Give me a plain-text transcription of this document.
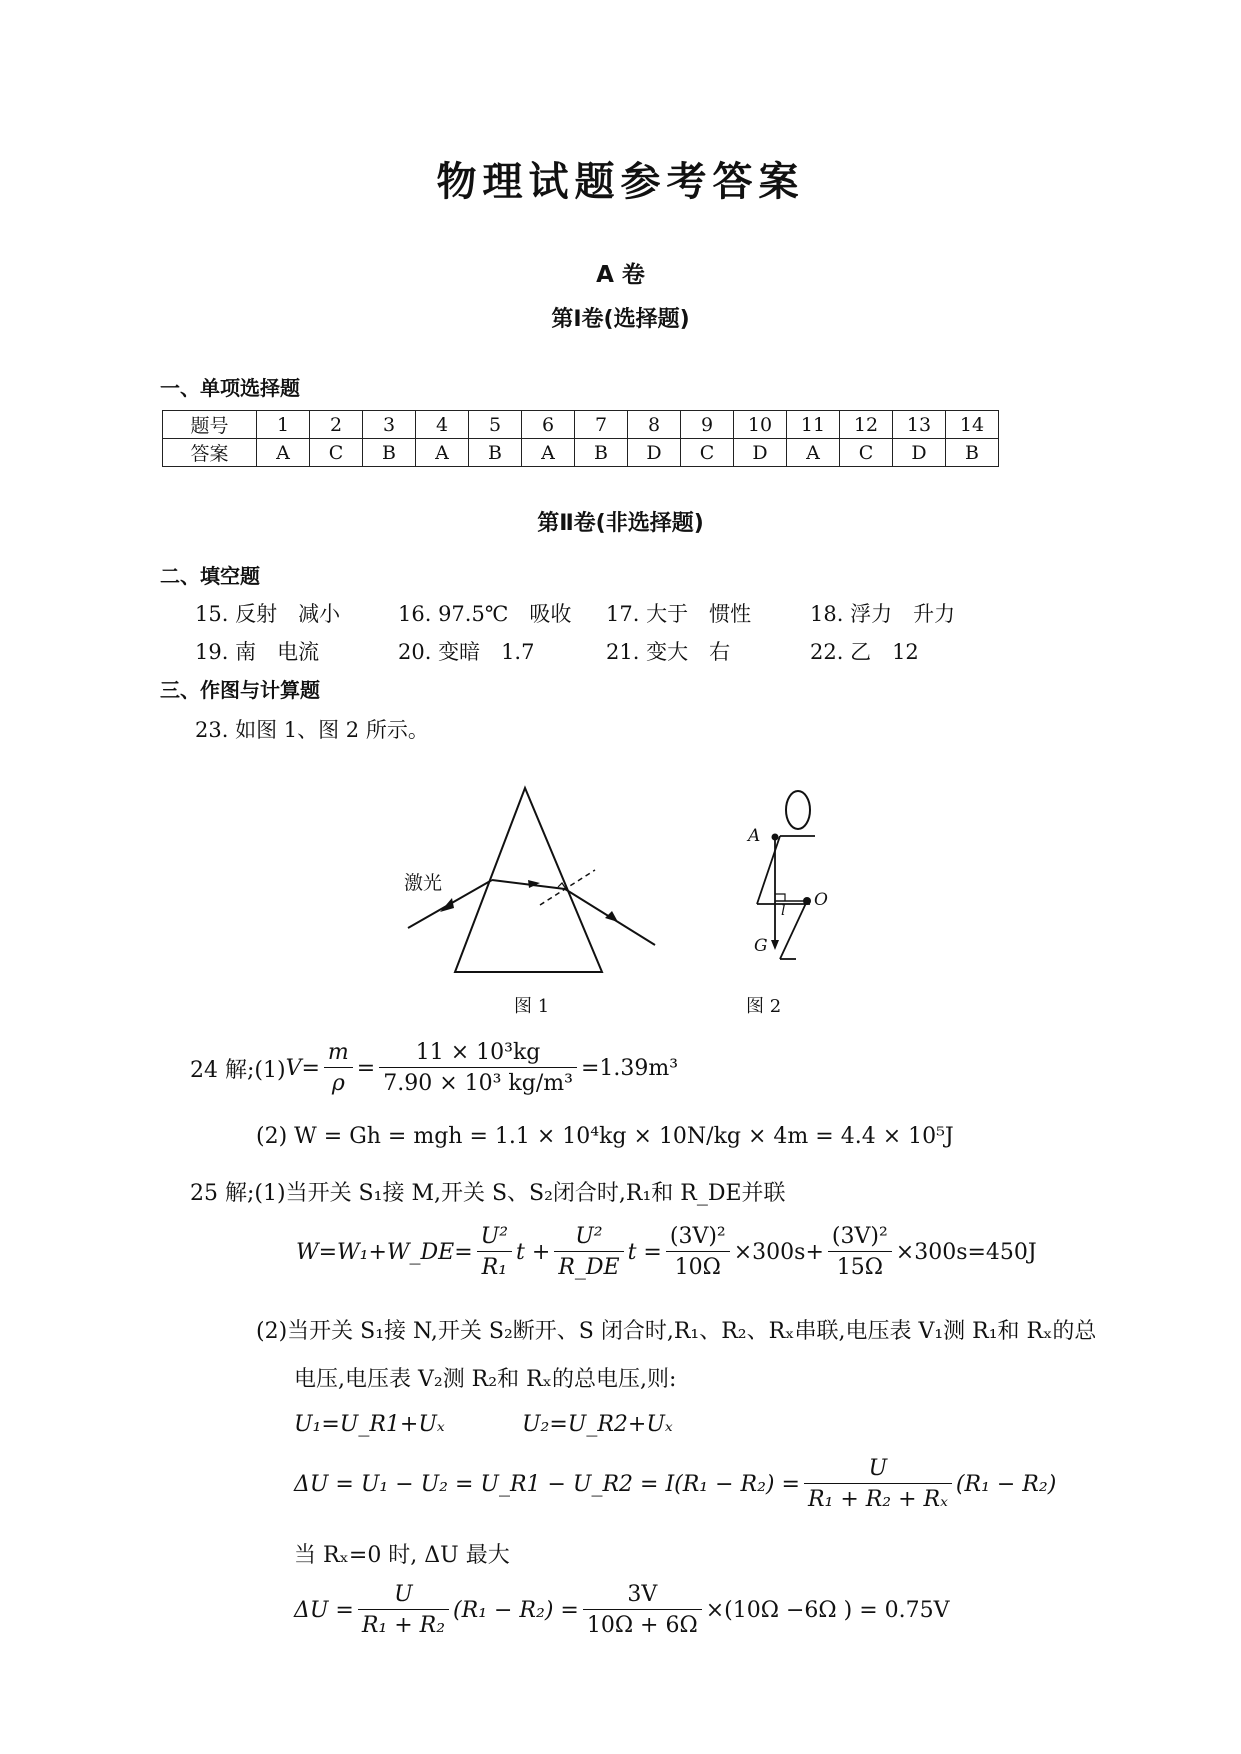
物理试题参考答案
A 卷
第Ⅰ卷(选择题)
一、单项选择题
题号	1	2	3	4	5	6	7	8	9	10	11	12	13	14
答案	A	C	B	A	B	A	B	D	C	D	A	C	D	B
第Ⅱ卷(非选择题)
二、填空题
15. 反射　减小	16. 97.5℃　吸收 17. 大于　惯性	18. 浮力　升力
19. 南　电流	20. 变暗　1.7	21. 变大　右	22. 乙　12
三、作图与计算题
23. 如图 1、图 2 所示。
激光
图 1
A
O
G
l
图 2
24 解;(1) $V= \frac{m}{\rho} = \frac{\text{11 × 10³kg}}{\text{7.90 × 10³ kg/m³}} =1.39m^3$
(2) W = Gh = mgh = 1.1 × 10⁴kg × 10N/kg × 4m = 4.4 × 10⁵J
25 解;(1)当开关 S₁接 M,开关 S、S₂闭合时,R₁和 R_DE并联
W=W₁+W_DE= $\frac{\text{U²}}{\text{R₁}}$ $t + \frac{\text{U²}}{R\_DE}$ $t = \frac{\text{(3V)²}}{10\Omega} \times 300s+ \frac{\text{(3V)²}}{15\Omega} \times 300s=450J$
(2)当开关 S₁接 N,开关 S₂断开、S 闭合时,R₁、R₂、Rₓ串联,电压表 V₁测 R₁和 Rₓ的总
电压,电压表 V₂测 R₂和 Rₓ的总电压,则:
U₁=U_R1+Uₓ	U₂=U_R2+Uₓ
ΔU = U₁ − U₂ = U_R1 − U_R2 = $I(R_1 - R_2) = \frac{U}{\text{R₁ + R₂ + Rₓ}} (R_1 - R_2)$
当 Rₓ=0 时, ΔU 最大
$\Delta U = \frac{U}{\text{R₁ + R₂}} (R_1 - R_2) = \frac{3V}{10\Omega + 6\Omega} \times(10\Omega -6\Omega$ ) = 0.75V
